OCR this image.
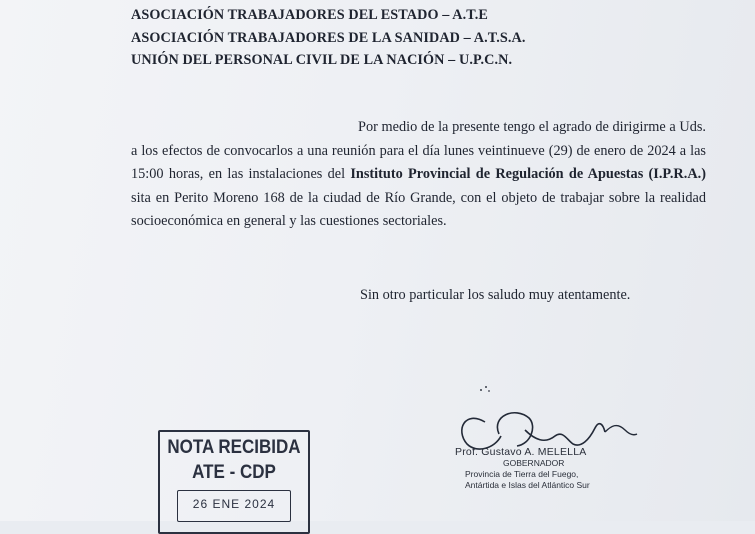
ASOCIACIÓN TRABAJADORES DEL ESTADO – A.T.E
ASOCIACIÓN TRABAJADORES DE LA SANIDAD – A.T.S.A.
UNIÓN DEL PERSONAL CIVIL DE LA NACIÓN – U.P.C.N.

Por medio de la presente tengo el agrado de dirigirme a Uds. a los efectos de convocarlos a una reunión para el día lunes veintinueve (29) de enero de 2024 a las 15:00 horas, en las instalaciones del Instituto Provincial de Regulación de Apuestas (I.P.R.A.) sita en Perito Moreno 168 de la ciudad de Río Grande, con el objeto de trabajar sobre la realidad socioeconómica en general y las cuestiones sectoriales.

Sin otro particular los saludo muy atentamente.
Prof. Gustavo A. MELELLA
GOBERNADOR
Provincia de Tierra del Fuego,
Antártida e Islas del Atlántico Sur
NOTA RECIBIDA
ATE - CDP
26 ENE 2024
